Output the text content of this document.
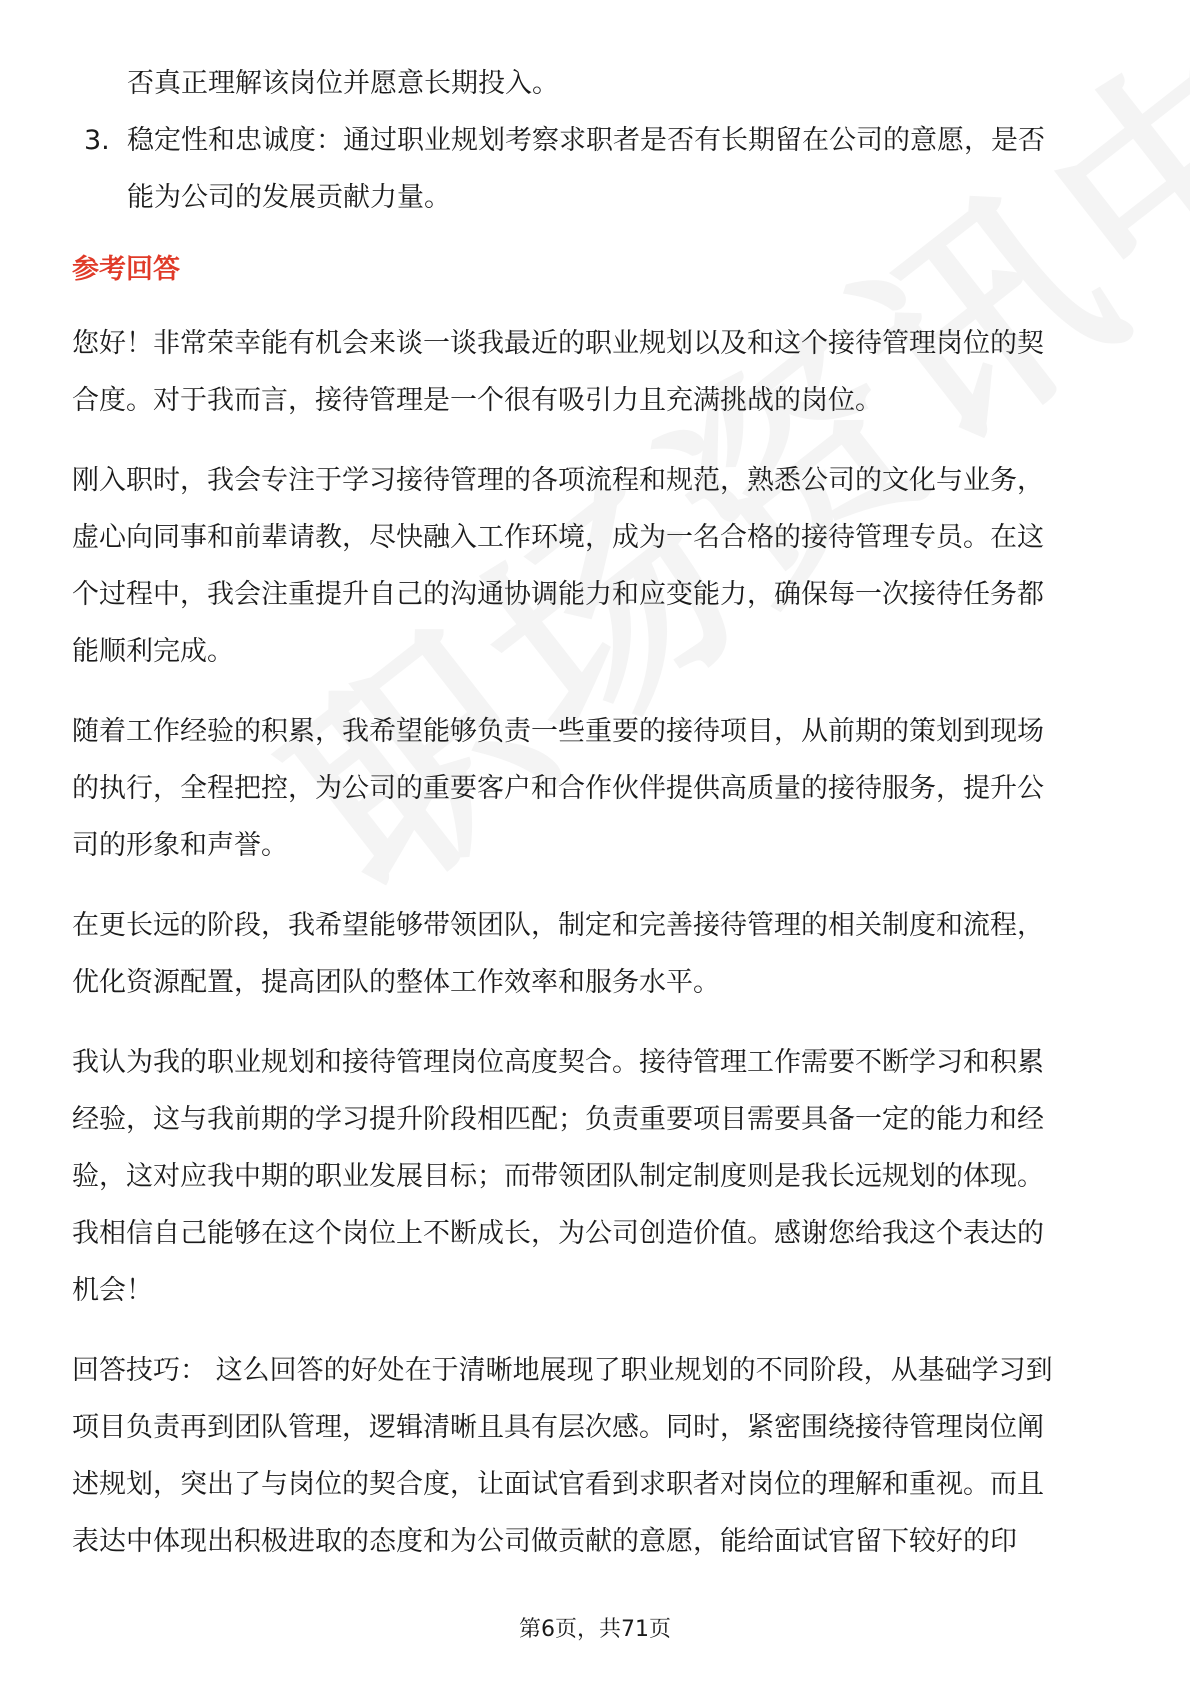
否真正理解该岗位并愿意长期投入。
3. 稳定性和忠诚度：通过职业规划考察求职者是否有长期留在公司的意愿，是否
能为公司的发展贡献力量。
参考回答
您好！非常荣幸能有机会来谈一谈我最近的职业规划以及和这个接待管理岗位的契
合度。对于我而言，接待管理是一个很有吸引力且充满挑战的岗位。
刚入职时，我会专注于学习接待管理的各项流程和规范，熟悉公司的文化与业务，
虚心向同事和前辈请教，尽快融入工作环境，成为一名合格的接待管理专员。在这
个过程中，我会注重提升自己的沟通协调能力和应变能力，确保每一次接待任务都
能顺利完成。
随着工作经验的积累，我希望能够负责一些重要的接待项目，从前期的策划到现场
的执行，全程把控，为公司的重要客户和合作伙伴提供高质量的接待服务，提升公
司的形象和声誉。
在更长远的阶段，我希望能够带领团队，制定和完善接待管理的相关制度和流程，
优化资源配置，提高团队的整体工作效率和服务水平。
我认为我的职业规划和接待管理岗位高度契合。接待管理工作需要不断学习和积累
经验，这与我前期的学习提升阶段相匹配；负责重要项目需要具备一定的能力和经
验，这对应我中期的职业发展目标；而带领团队制定制度则是我长远规划的体现。
我相信自己能够在这个岗位上不断成长，为公司创造价值。感谢您给我这个表达的
机会！
回答技巧： 这么回答的好处在于清晰地展现了职业规划的不同阶段，从基础学习到
项目负责再到团队管理，逻辑清晰且具有层次感。同时，紧密围绕接待管理岗位阐
述规划，突出了与岗位的契合度，让面试官看到求职者对岗位的理解和重视。而且
表达中体现出积极进取的态度和为公司做贡献的意愿，能给面试官留下较好的印
第6页，共71页
